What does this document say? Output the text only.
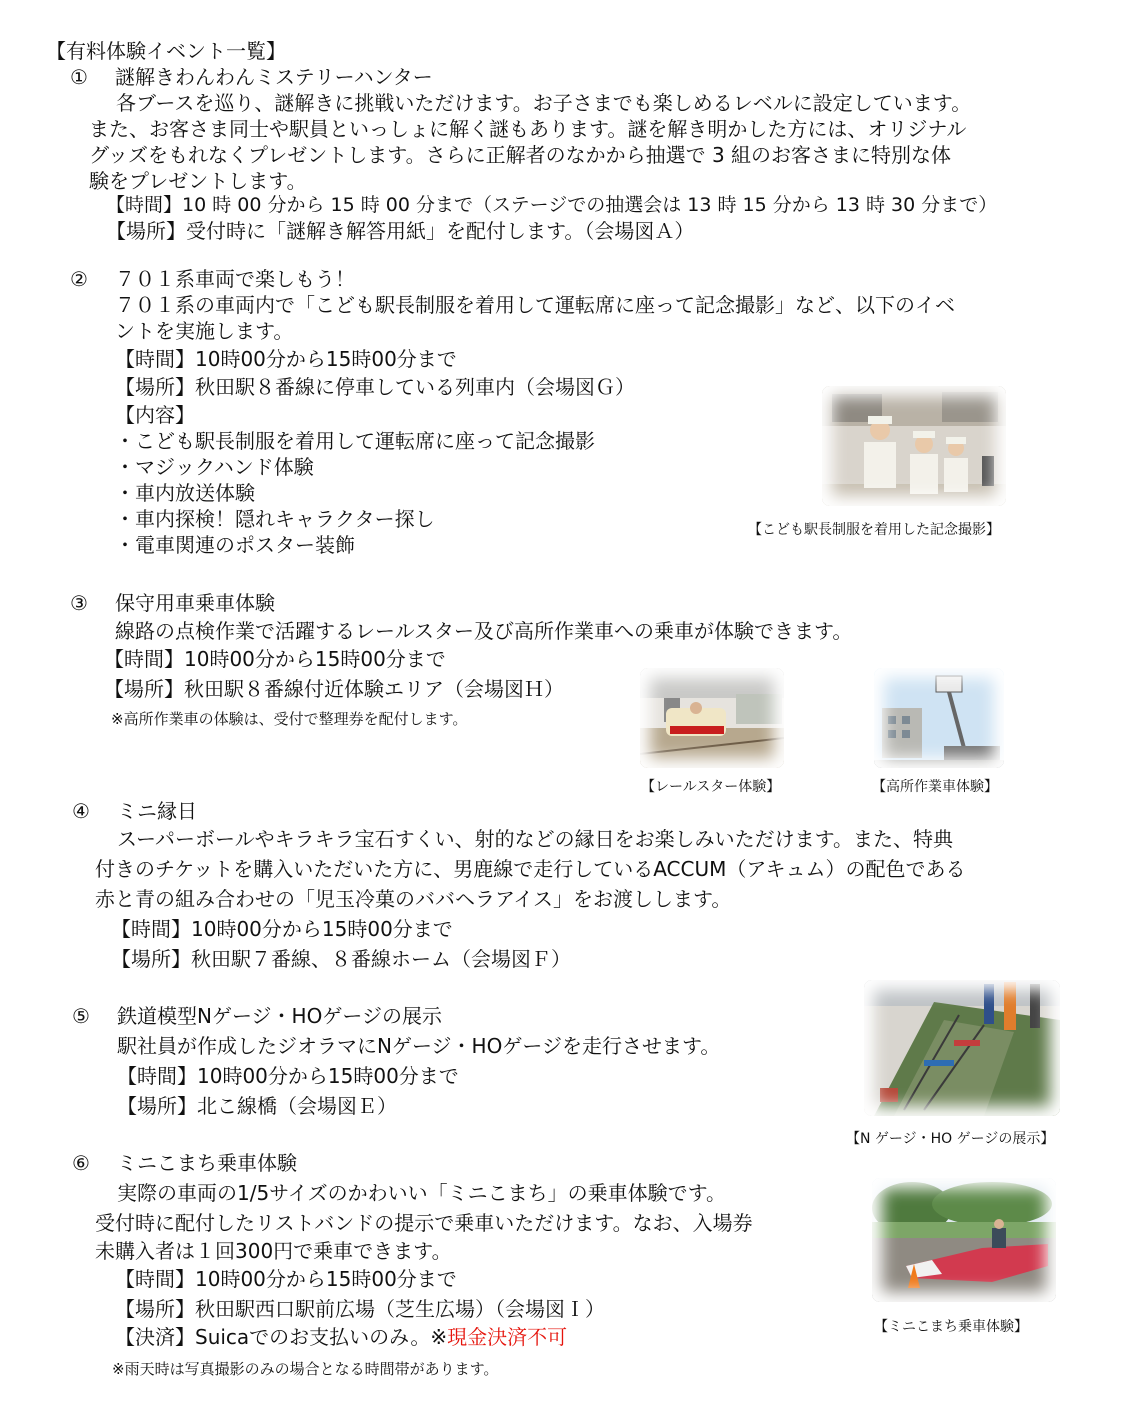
【有料体験イベント一覧】
① 謎解きわんわんミステリーハンター
各ブースを巡り、謎解きに挑戦いただけます。お子さまでも楽しめるレベルに設定しています。
また、お客さま同士や駅員といっしょに解く謎もあります。謎を解き明かした方には、オリジナル
グッズをもれなくプレゼントします。さらに正解者のなかから抽選で 3 組のお客さまに特別な体
験をプレゼントします。
【時間】10 時 00 分から 15 時 00 分まで（ステージでの抽選会は 13 時 15 分から 13 時 30 分まで）
【場所】受付時に「謎解き解答用紙」を配付します。（会場図Ａ）
② ７０１系車両で楽しもう！
７０１系の車両内で「こども駅長制服を着用して運転席に座って記念撮影」など、以下のイベ
ントを実施します。
【時間】10時00分から15時00分まで
【場所】秋田駅８番線に停車している列車内（会場図Ｇ）
【内容】
・こども駅長制服を着用して運転席に座って記念撮影
・マジックハンド体験
・車内放送体験
・車内探検！隠れキャラクター探し
・電車関連のポスター装飾
【こども駅長制服を着用した記念撮影】
③ 保守用車乗車体験
線路の点検作業で活躍するレールスター及び高所作業車への乗車が体験できます。
【時間】10時00分から15時00分まで
【場所】秋田駅８番線付近体験エリア（会場図Ｈ）
※高所作業車の体験は、受付で整理券を配付します。
【レールスター体験】	【高所作業車体験】
④ ミニ縁日
スーパーボールやキラキラ宝石すくい、射的などの縁日をお楽しみいただけます。また、特典
付きのチケットを購入いただいた方に、男鹿線で走行しているACCUM（アキュム）の配色である
赤と青の組み合わせの「児玉冷菓のババヘラアイス」をお渡しします。
【時間】10時00分から15時00分まで
【場所】秋田駅７番線、８番線ホーム（会場図Ｆ）
⑤ 鉄道模型Nゲージ・HOゲージの展示
駅社員が作成したジオラマにNゲージ・HOゲージを走行させます。
【時間】10時00分から15時00分まで
【場所】北こ線橋（会場図Ｅ）
【N ゲージ・HO ゲージの展示】
⑥ ミニこまち乗車体験
実際の車両の1/5サイズのかわいい「ミニこまち」の乗車体験です。
受付時に配付したリストバンドの提示で乗車いただけます。なお、入場券
未購入者は１回300円で乗車できます。
【時間】10時00分から15時00分まで
【場所】秋田駅西口駅前広場（芝生広場）（会場図Ｉ）
【決済】Suicaでのお支払いのみ。※現金決済不可
※雨天時は写真撮影のみの場合となる時間帯があります。
【ミニこまち乗車体験】
